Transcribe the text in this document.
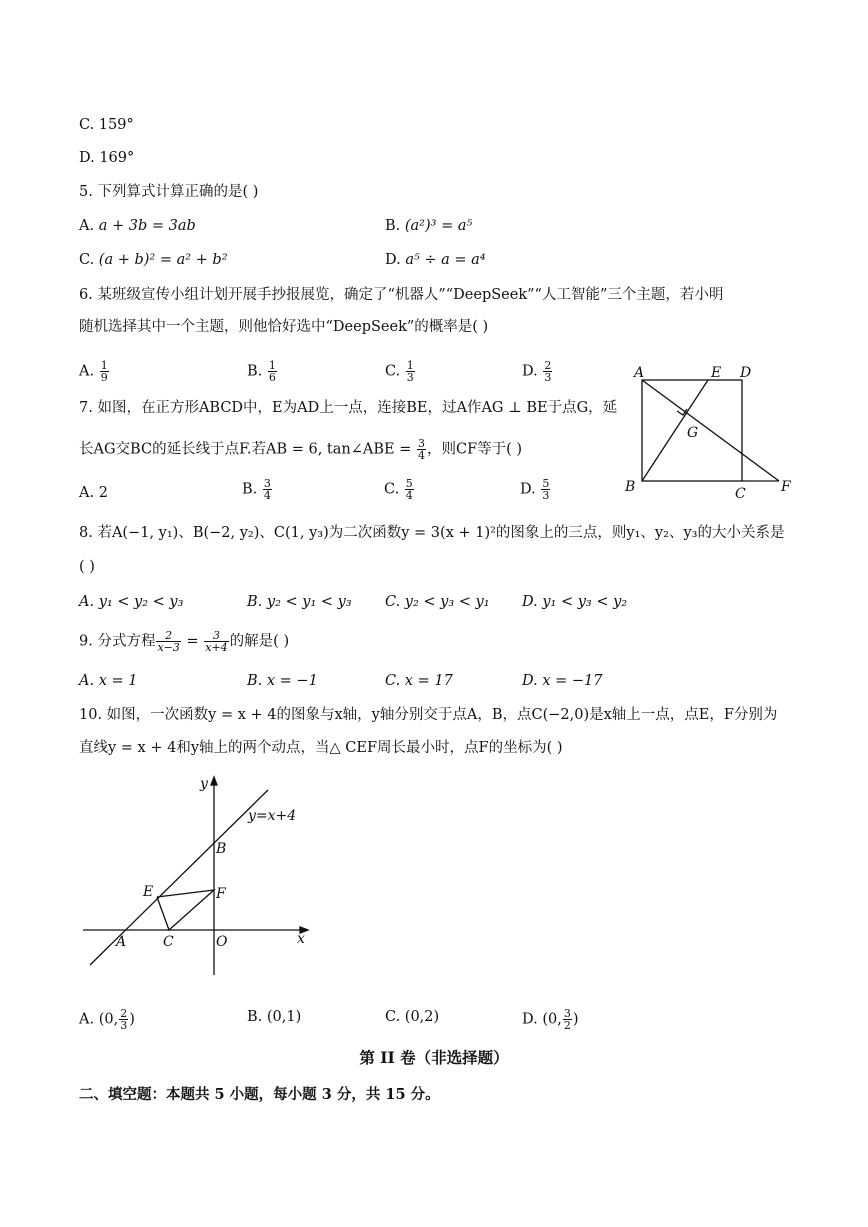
C. 159°
D. 169°
5. 下列算式计算正确的是( )
A. a + 3b = 3ab	B. (a²)³ = a⁵
C. (a + b)² = a² + b²	D. a⁵ ÷ a = a⁴
6. 某班级宣传小组计划开展手抄报展览，确定了“机器人”“DeepSeek”“人工智能”三个主题，若小明
随机选择其中一个主题，则他恰好选中“DeepSeek”的概率是( )
A. $\frac{1}{9}$	B. $\frac{1}{6}$	C. $\frac{1}{3}$	D. $\frac{2}{3}$
7. 如图，在正方形ABCD中，E为AD上一点，连接BE，过A作AG ⊥ BE于点G，延
长AG交BC的延长线于点F.若AB = 6, tan∠ABE = $\frac{3}{4}$ ，则CF等于( )
A. 2	B. $\frac{3}{4}$	C. $\frac{5}{4}$	D. $\frac{5}{3}$
A	E D
G
B	C	F
8. 若A(−1, y₁)、B(−2, y₂)、C(1, y₃)为二次函数y = 3(x + 1)²的图象上的三点，则y₁、y₂、y₃的大小关系是
( )
A. y₁ < y₂ < y₃	B. y₂ < y₁ < y₃ C. y₂ < y₃ < y₁ D. y₁ < y₃ < y₂
9. 分式方程 $\frac{2}{x-3} = \frac{3}{x+4}$ 的解是( )
A. x = 1	B. x = −1	C. x = 17	D. x = −17
10. 如图，一次函数y = x + 4的图象与x轴，y轴分别交于点A，B，点C(−2,0)是x轴上一点，点E，F分别为
直线y = x + 4和y轴上的两个动点，当△ CEF周长最小时，点F的坐标为( )
y
x
y=x+4
B
E	F
A	C	O
A. (0, $\frac{2}{3}$ )	B. (0,1)	C. (0,2)	D. (0, $\frac{3}{2}$ )
第 II 卷（非选择题）
二、填空题：本题共 5 小题，每小题 3 分，共 15 分。
